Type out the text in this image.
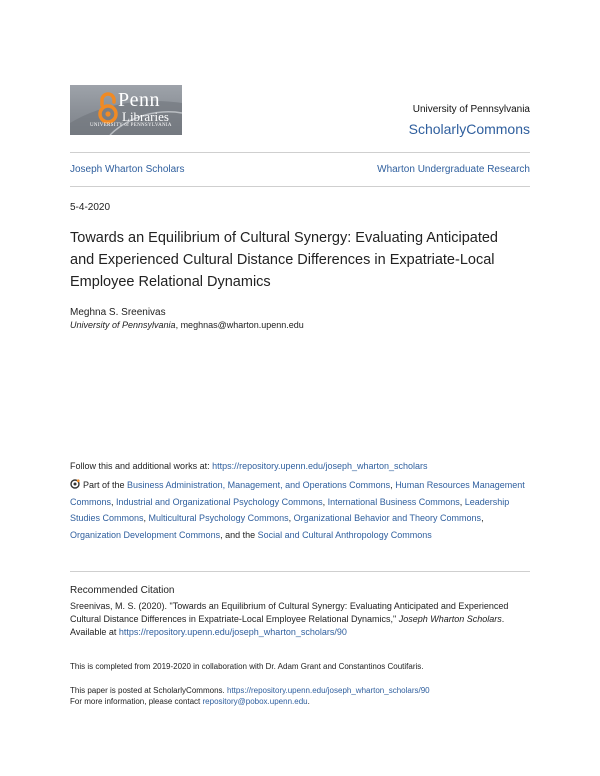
Penn
Libraries
UNIVERSITY of PENNSYLVANIA
University of Pennsylvania
ScholarlyCommons
Joseph Wharton Scholars	Wharton Undergraduate Research
5-4-2020
Towards an Equilibrium of Cultural Synergy: Evaluating Anticipated and Experienced Cultural Distance Differences in Expatriate-Local Employee Relational Dynamics
Meghna S. Sreenivas
University of Pennsylvania, meghnas@wharton.upenn.edu
Follow this and additional works at: https://repository.upenn.edu/joseph_wharton_scholars
Part of the Business Administration, Management, and Operations Commons, Human Resources Management Commons, Industrial and Organizational Psychology Commons, International Business Commons, Leadership Studies Commons, Multicultural Psychology Commons, Organizational Behavior and Theory Commons, Organization Development Commons, and the Social and Cultural Anthropology Commons
Recommended Citation
Sreenivas, M. S. (2020). "Towards an Equilibrium of Cultural Synergy: Evaluating Anticipated and Experienced Cultural Distance Differences in Expatriate-Local Employee Relational Dynamics," Joseph Wharton Scholars. Available at https://repository.upenn.edu/joseph_wharton_scholars/90
This is completed from 2019-2020 in collaboration with Dr. Adam Grant and Constantinos Coutifaris.
This paper is posted at ScholarlyCommons. https://repository.upenn.edu/joseph_wharton_scholars/90
For more information, please contact repository@pobox.upenn.edu.
